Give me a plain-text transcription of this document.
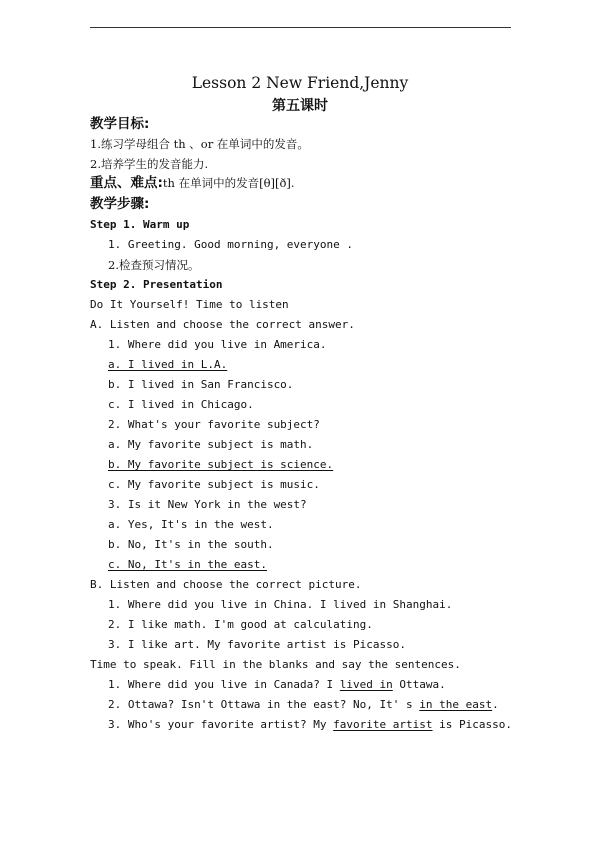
Lesson 2 New Friend,Jenny
第五课时
教学目标:
1.练习学母组合 th 、or 在单词中的发音。
2.培养学生的发音能力.
重点、难点:th 在单词中的发音[θ][ð].
教学步骤:
Step 1. Warm up
1. Greeting. Good morning, everyone .
2.检查预习情况。
Step 2. Presentation
Do It Yourself! Time to listen
A. Listen and choose the correct answer.
1. Where did you live in America.
a. I lived in L.A.
b. I lived in San Francisco.
c. I lived in Chicago.
2. What's your favorite subject?
a. My favorite subject is math.
b. My favorite subject is science.
c. My favorite subject is music.
3. Is it New York in the west?
a. Yes, It's in the west.
b. No, It's in the south.
c. No, It's in the east.
B. Listen and choose the correct picture.
1. Where did you live in China. I lived in Shanghai.
2. I like math. I'm good at calculating.
3. I like art. My favorite artist is Picasso.
Time to speak. Fill in the blanks and say the sentences.
1. Where did you live in Canada? I lived in Ottawa.
2. Ottawa? Isn't Ottawa in the east? No, It' s in the east.
3. Who's your favorite artist? My favorite artist is Picasso.
